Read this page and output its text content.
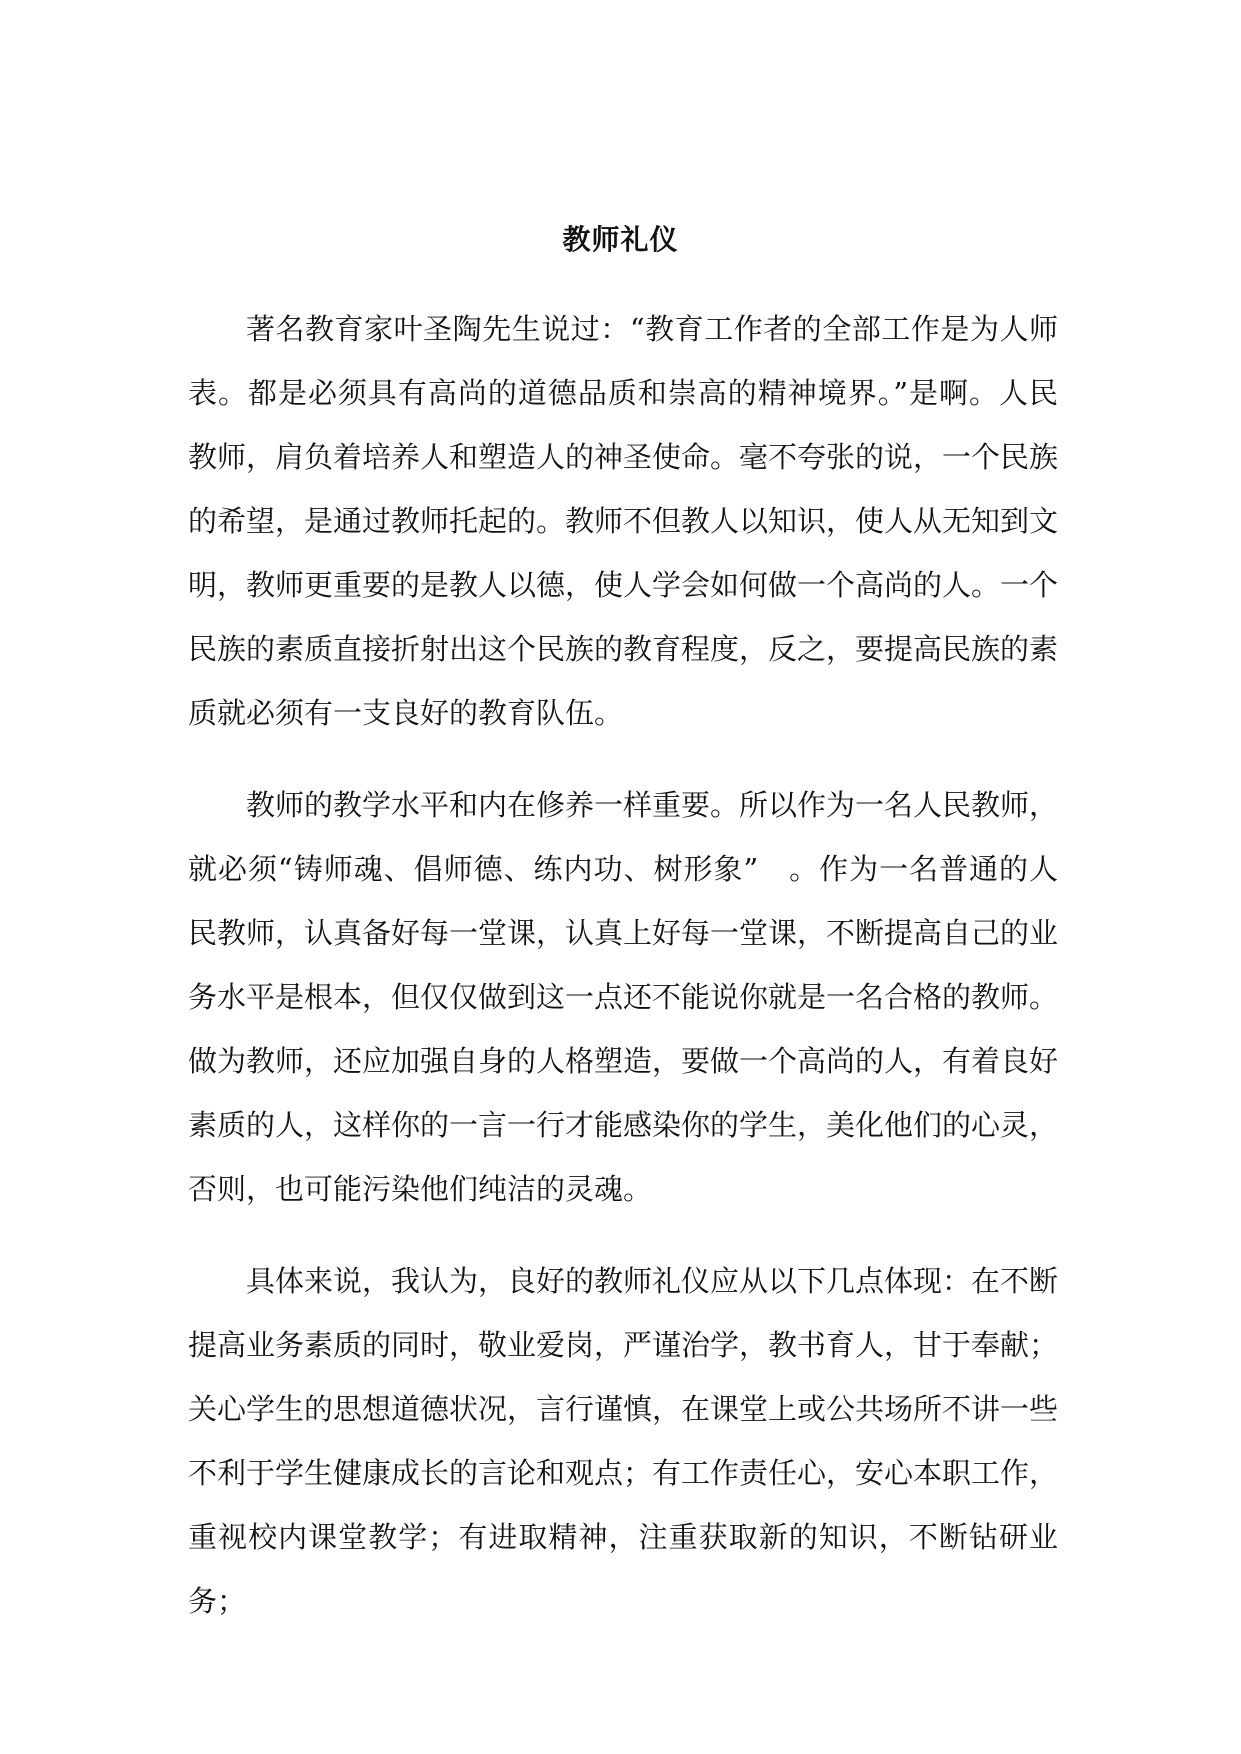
教师礼仪

著名教育家叶圣陶先生说过：“教育工作者的全部工作是为人师表。都是必须具有高尚的道德品质和崇高的精神境界。”是啊。人民教师，肩负着培养人和塑造人的神圣使命。毫不夸张的说，一个民族的希望，是通过教师托起的。教师不但教人以知识，使人从无知到文明，教师更重要的是教人以德，使人学会如何做一个高尚的人。一个民族的素质直接折射出这个民族的教育程度，反之，要提高民族的素质就必须有一支良好的教育队伍。

教师的教学水平和内在修养一样重要。所以作为一名人民教师，就必须“铸师魂、倡师德、练内功、树形象”　。作为一名普通的人民教师，认真备好每一堂课，认真上好每一堂课，不断提高自己的业务水平是根本，但仅仅做到这一点还不能说你就是一名合格的教师。做为教师，还应加强自身的人格塑造，要做一个高尚的人，有着良好素质的人，这样你的一言一行才能感染你的学生，美化他们的心灵，否则，也可能污染他们纯洁的灵魂。

具体来说，我认为，良好的教师礼仪应从以下几点体现：在不断提高业务素质的同时，敬业爱岗，严谨治学，教书育人，甘于奉献；关心学生的思想道德状况，言行谨慎，在课堂上或公共场所不讲一些不利于学生健康成长的言论和观点；有工作责任心，安心本职工作，重视校内课堂教学；有进取精神，注重获取新的知识，不断钻研业务；
